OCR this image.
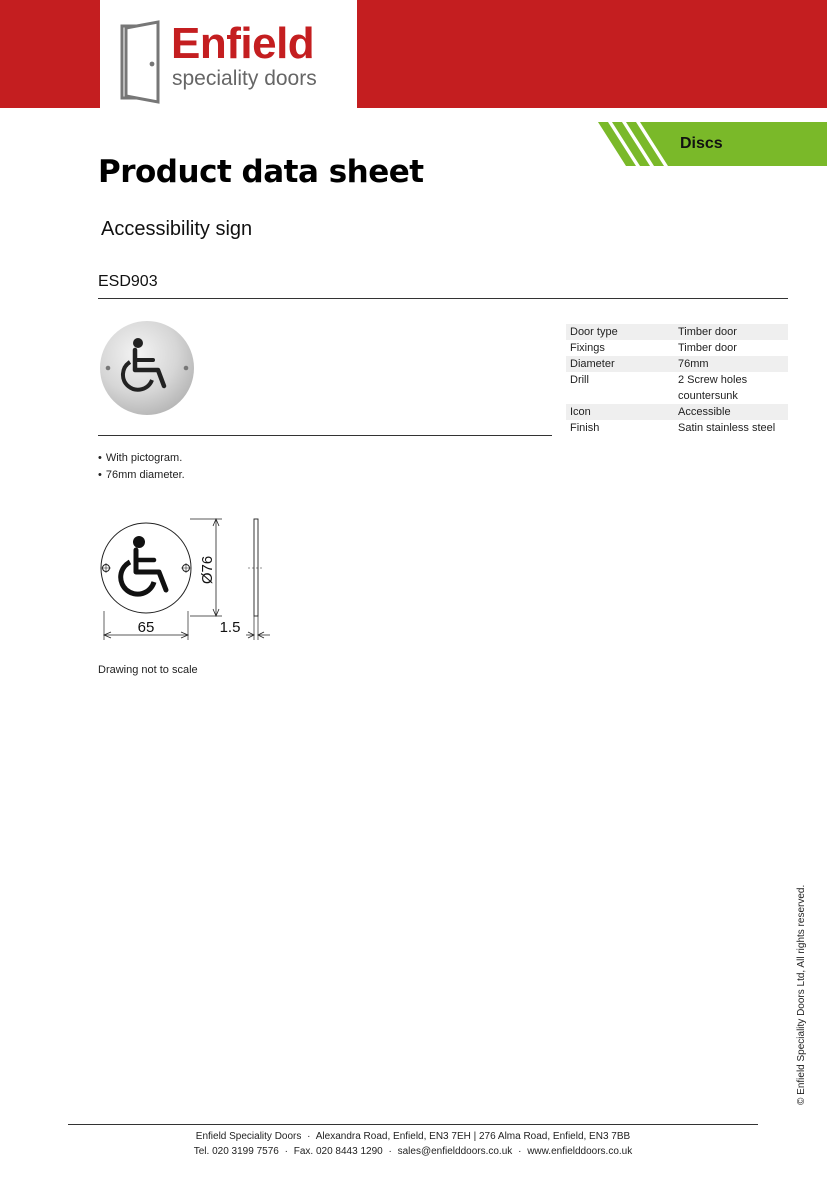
Enfield
speciality doors
Discs
Product data sheet
Accessibility sign
ESD903
Door type	Timber door
Fixings	Timber door
Diameter	76mm
Drill	2 Screw holes countersunk
Icon	Accessible
Finish	Satin stainless steel
• With pictogram.
• 76mm diameter.
Ø76
65	1.5
Drawing not to scale
© Enfield Speciality Doors Ltd, All rights reserved.
Enfield Speciality Doors · Alexandra Road, Enfield, EN3 7EH | 276 Alma Road, Enfield, EN3 7BB
Tel. 020 3199 7576 · Fax. 020 8443 1290 · sales@enfielddoors.co.uk · www.enfielddoors.co.uk
